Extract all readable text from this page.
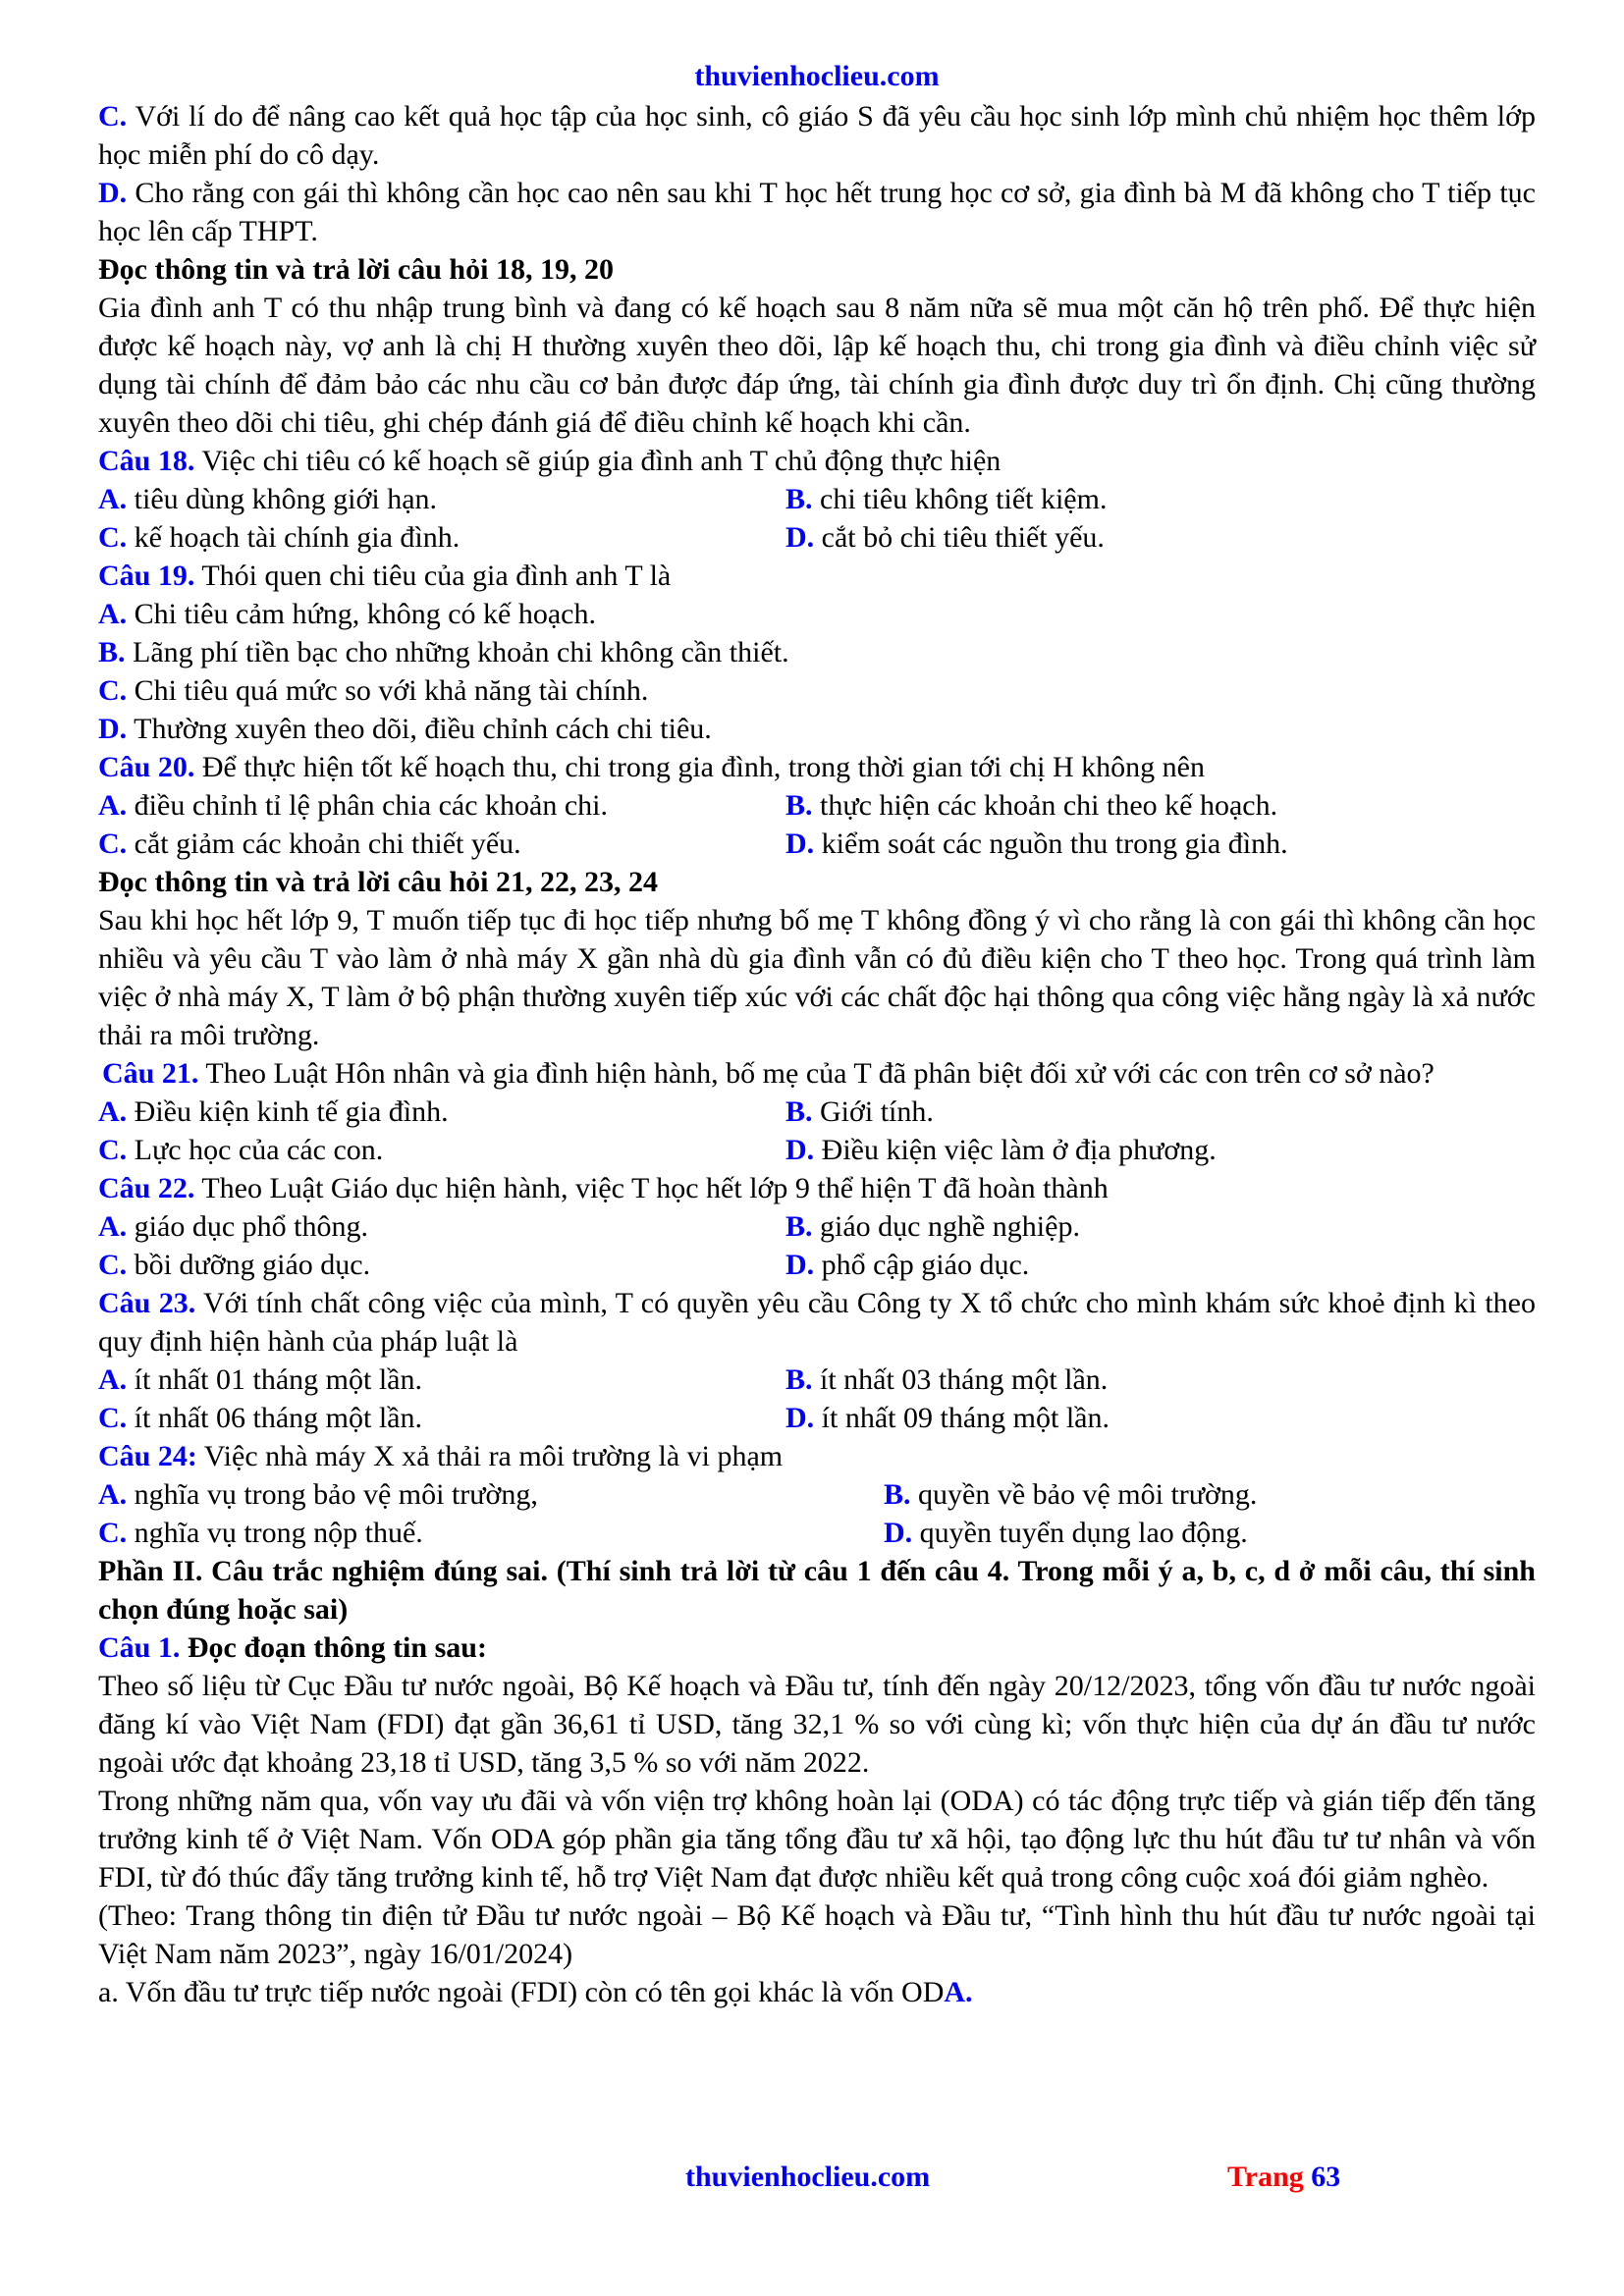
thuvienhoclieu.com

C. Với lí do để nâng cao kết quả học tập của học sinh, cô giáo S đã yêu cầu học sinh lớp mình chủ nhiệm học thêm lớp học miễn phí do cô dạy.

D. Cho rằng con gái thì không cần học cao nên sau khi T học hết trung học cơ sở, gia đình bà M đã không cho T tiếp tục học lên cấp THPT.

Đọc thông tin và trả lời câu hỏi 18, 19, 20

Gia đình anh T có thu nhập trung bình và đang có kế hoạch sau 8 năm nữa sẽ mua một căn hộ trên phố. Để thực hiện được kế hoạch này, vợ anh là chị H thường xuyên theo dõi, lập kế hoạch thu, chi trong gia đình và điều chỉnh việc sử dụng tài chính để đảm bảo các nhu cầu cơ bản được đáp ứng, tài chính gia đình được duy trì ổn định. Chị cũng thường xuyên theo dõi chi tiêu, ghi chép đánh giá để điều chỉnh kế hoạch khi cần.

Câu 18. Việc chi tiêu có kế hoạch sẽ giúp gia đình anh T chủ động thực hiện

A. tiêu dùng không giới hạn.	B. chi tiêu không tiết kiệm.
C. kế hoạch tài chính gia đình.	D. cắt bỏ chi tiêu thiết yếu.

Câu 19. Thói quen chi tiêu của gia đình anh T là

A. Chi tiêu cảm hứng, không có kế hoạch.

B. Lãng phí tiền bạc cho những khoản chi không cần thiết.

C. Chi tiêu quá mức so với khả năng tài chính.

D. Thường xuyên theo dõi, điều chỉnh cách chi tiêu.

Câu 20. Để thực hiện tốt kế hoạch thu, chi trong gia đình, trong thời gian tới chị H không nên

A. điều chỉnh tỉ lệ phân chia các khoản chi.	B. thực hiện các khoản chi theo kế hoạch.
C. cắt giảm các khoản chi thiết yếu.	D. kiểm soát các nguồn thu trong gia đình.

Đọc thông tin và trả lời câu hỏi 21, 22, 23, 24

Sau khi học hết lớp 9, T muốn tiếp tục đi học tiếp nhưng bố mẹ T không đồng ý vì cho rằng là con gái thì không cần học nhiều và yêu cầu T vào làm ở nhà máy X gần nhà dù gia đình vẫn có đủ điều kiện cho T theo học. Trong quá trình làm việc ở nhà máy X, T làm ở bộ phận thường xuyên tiếp xúc với các chất độc hại thông qua công việc hằng ngày là xả nước thải ra môi trường.

Câu 21. Theo Luật Hôn nhân và gia đình hiện hành, bố mẹ của T đã phân biệt đối xử với các con trên cơ sở nào?

A. Điều kiện kinh tế gia đình.	B. Giới tính.
C. Lực học của các con.	D. Điều kiện việc làm ở địa phương.

Câu 22. Theo Luật Giáo dục hiện hành, việc T học hết lớp 9 thể hiện T đã hoàn thành

A. giáo dục phổ thông.	B. giáo dục nghề nghiệp.
C. bồi dưỡng giáo dục.	D. phổ cập giáo dục.

Câu 23. Với tính chất công việc của mình, T có quyền yêu cầu Công ty X tổ chức cho mình khám sức khoẻ định kì theo quy định hiện hành của pháp luật là

A. ít nhất 01 tháng một lần.	B. ít nhất 03 tháng một lần.
C. ít nhất 06 tháng một lần.	D. ít nhất 09 tháng một lần.

Câu 24: Việc nhà máy X xả thải ra môi trường là vi phạm

A. nghĩa vụ trong bảo vệ môi trường,	B. quyền về bảo vệ môi trường.
C. nghĩa vụ trong nộp thuế.	D. quyền tuyển dụng lao động.

Phần II. Câu trắc nghiệm đúng sai. (Thí sinh trả lời từ câu 1 đến câu 4. Trong mỗi ý a, b, c, d ở mỗi câu, thí sinh chọn đúng hoặc sai)

Câu 1. Đọc đoạn thông tin sau:

Theo số liệu từ Cục Đầu tư nước ngoài, Bộ Kế hoạch và Đầu tư, tính đến ngày 20/12/2023, tổng vốn đầu tư nước ngoài đăng kí vào Việt Nam (FDI) đạt gần 36,61 tỉ USD, tăng 32,1 % so với cùng kì; vốn thực hiện của dự án đầu tư nước ngoài ước đạt khoảng 23,18 tỉ USD, tăng 3,5 % so với năm 2022.

Trong những năm qua, vốn vay ưu đãi và vốn viện trợ không hoàn lại (ODA) có tác động trực tiếp và gián tiếp đến tăng trưởng kinh tế ở Việt Nam. Vốn ODA góp phần gia tăng tổng đầu tư xã hội, tạo động lực thu hút đầu tư tư nhân và vốn FDI, từ đó thúc đẩy tăng trưởng kinh tế, hỗ trợ Việt Nam đạt được nhiều kết quả trong công cuộc xoá đói giảm nghèo.

(Theo: Trang thông tin điện tử Đầu tư nước ngoài – Bộ Kế hoạch và Đầu tư, “Tình hình thu hút đầu tư nước ngoài tại Việt Nam năm 2023”, ngày 16/01/2024)

a. Vốn đầu tư trực tiếp nước ngoài (FDI) còn có tên gọi khác là vốn ODA.

thuvienhoclieu.com	Trang 63
